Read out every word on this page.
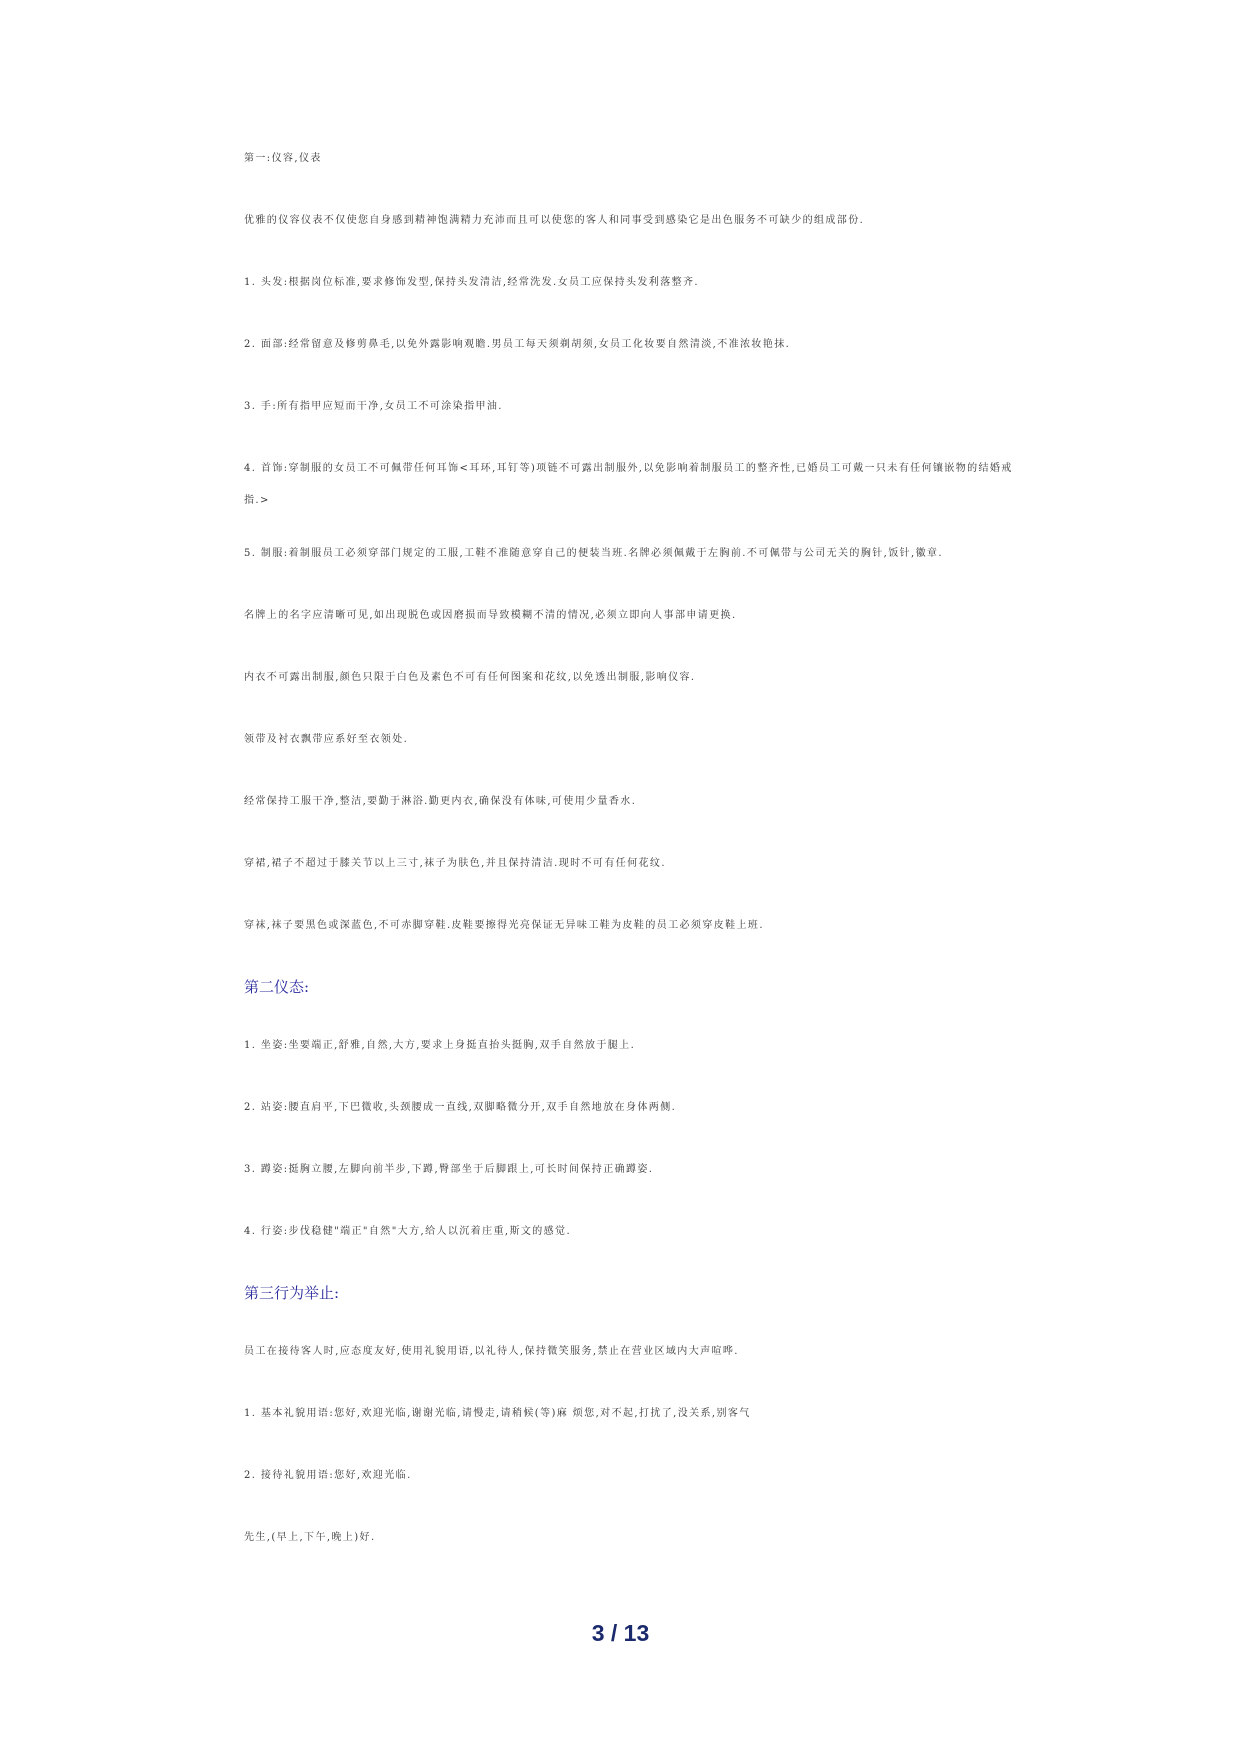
第一:仪容,仪表
优雅的仪容仪表不仅使您自身感到精神饱满精力充沛而且可以使您的客人和同事受到感染它是出色服务不可缺少的组成部份.
1. 头发:根据岗位标准,要求修饰发型,保持头发清洁,经常洗发.女员工应保持头发利落整齐.
2. 面部:经常留意及修剪鼻毛,以免外露影响观瞻.男员工每天须剃胡须,女员工化妆要自然清淡,不准浓妆艳抹.
3. 手:所有指甲应短而干净,女员工不可涂染指甲油.
4. 首饰:穿制服的女员工不可佩带任何耳饰<耳环,耳钉等)项链不可露出制服外,以免影响着制服员工的整齐性,已婚员工可戴一只未有任何镶嵌物的结婚戒指.>
5. 制服:着制服员工必须穿部门规定的工服,工鞋不准随意穿自己的便装当班.名牌必须佩戴于左胸前.不可佩带与公司无关的胸针,饭针,徽章.
名牌上的名字应清晰可见,如出现脱色或因磨损而导致模糊不清的情况,必须立即向人事部申请更换.
内衣不可露出制服,颜色只限于白色及素色不可有任何图案和花纹,以免透出制服,影响仪容.
领带及衬衣飘带应系好至衣领处.
经常保持工服干净,整洁,要勤于淋浴.勤更内衣,确保没有体味,可使用少量香水.
穿裙,裙子不超过于膝关节以上三寸,袜子为肤色,并且保持清洁.现时不可有任何花纹.
穿袜,袜子要黑色或深蓝色,不可赤脚穿鞋.皮鞋要擦得光亮保证无异味工鞋为皮鞋的员工必须穿皮鞋上班.
第二仪态:
1. 坐姿:坐要端正,舒雅,自然,大方,要求上身挺直抬头挺胸,双手自然放于腿上.
2. 站姿:腰直肩平,下巴微收,头颈腰成一直线,双脚略微分开,双手自然地放在身体两侧.
3. 蹲姿:挺胸立腰,左脚向前半步,下蹲,臀部坐于后脚跟上,可长时间保持正确蹲姿.
4. 行姿:步伐稳健"端正"自然"大方,给人以沉着庄重,斯文的感觉.
第三行为举止:
员工在接待客人时,应态度友好,使用礼貌用语,以礼待人,保持微笑服务,禁止在营业区域内大声喧哗.
1. 基本礼貌用语:您好,欢迎光临,谢谢光临,请慢走,请稍候(等)麻 烦您,对不起,打扰了,没关系,别客气
2. 接待礼貌用语:您好,欢迎光临.
先生,(早上,下午,晚上)好.
3 / 13
